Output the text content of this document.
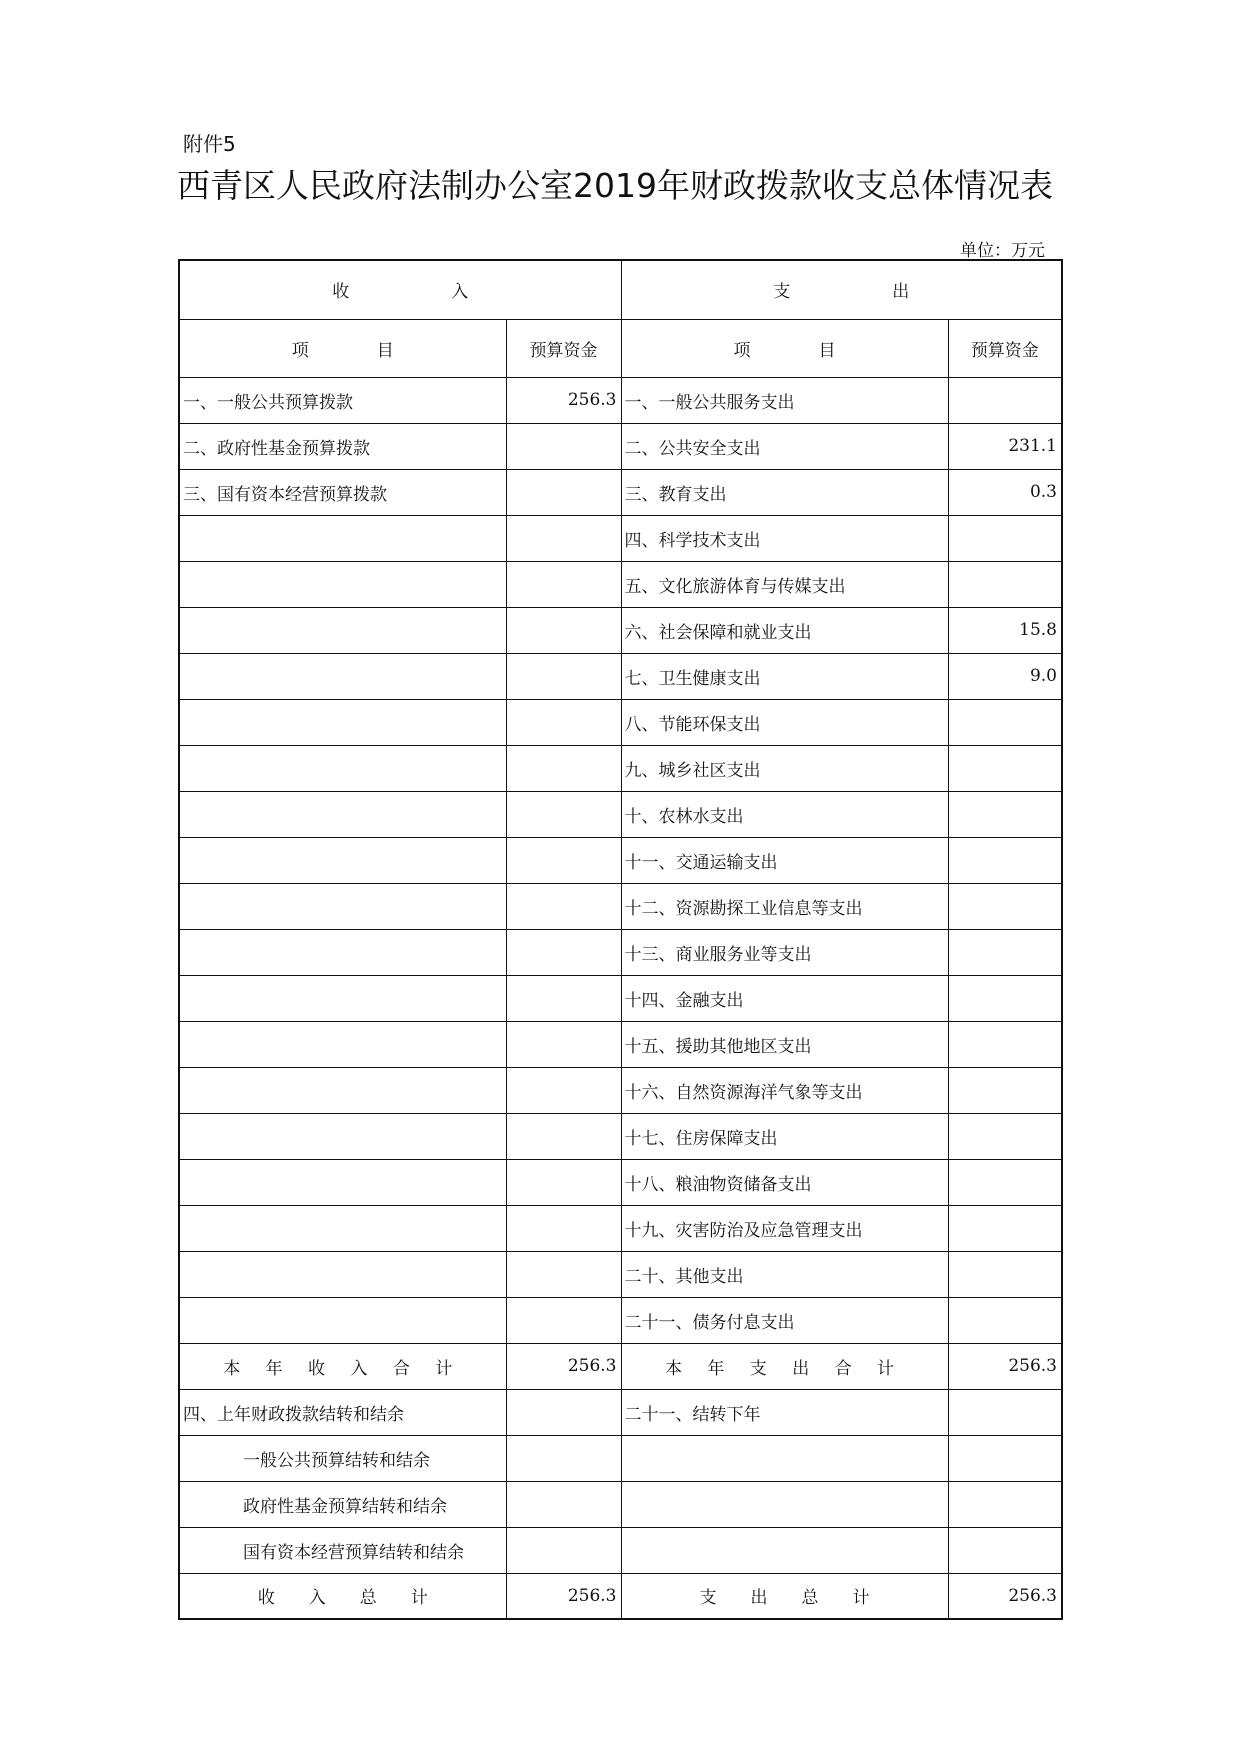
附件5
西青区人民政府法制办公室2019年财政拨款收支总体情况表
单位：万元
收　　　　　　入		支　　　　　　出	
项　　　　目	预算资金	项　　　　目	预算资金
一、一般公共预算拨款	256.3	一、一般公共服务支出	
二、政府性基金预算拨款		二、公共安全支出	231.1
三、国有资本经营预算拨款		三、教育支出	0.3
		四、科学技术支出	
		五、文化旅游体育与传媒支出	
		六、社会保障和就业支出	15.8
		七、卫生健康支出	9.0
		八、节能环保支出	
		九、城乡社区支出	
		十、农林水支出	
		十一、交通运输支出	
		十二、资源勘探工业信息等支出	
		十三、商业服务业等支出	
		十四、金融支出	
		十五、援助其他地区支出	
		十六、自然资源海洋气象等支出	
		十七、住房保障支出	
		十八、粮油物资储备支出	
		十九、灾害防治及应急管理支出	
		二十、其他支出	
		二十一、债务付息支出	
本 年 收 入 合 计	256.3	本 年 支 出 合 计	256.3
四、上年财政拨款结转和结余		二十一、结转下年	
一般公共预算结转和结余			
政府性基金预算结转和结余			
国有资本经营预算结转和结余			
收　　入　　总　　计	256.3	支　　出　　总　　计	256.3
